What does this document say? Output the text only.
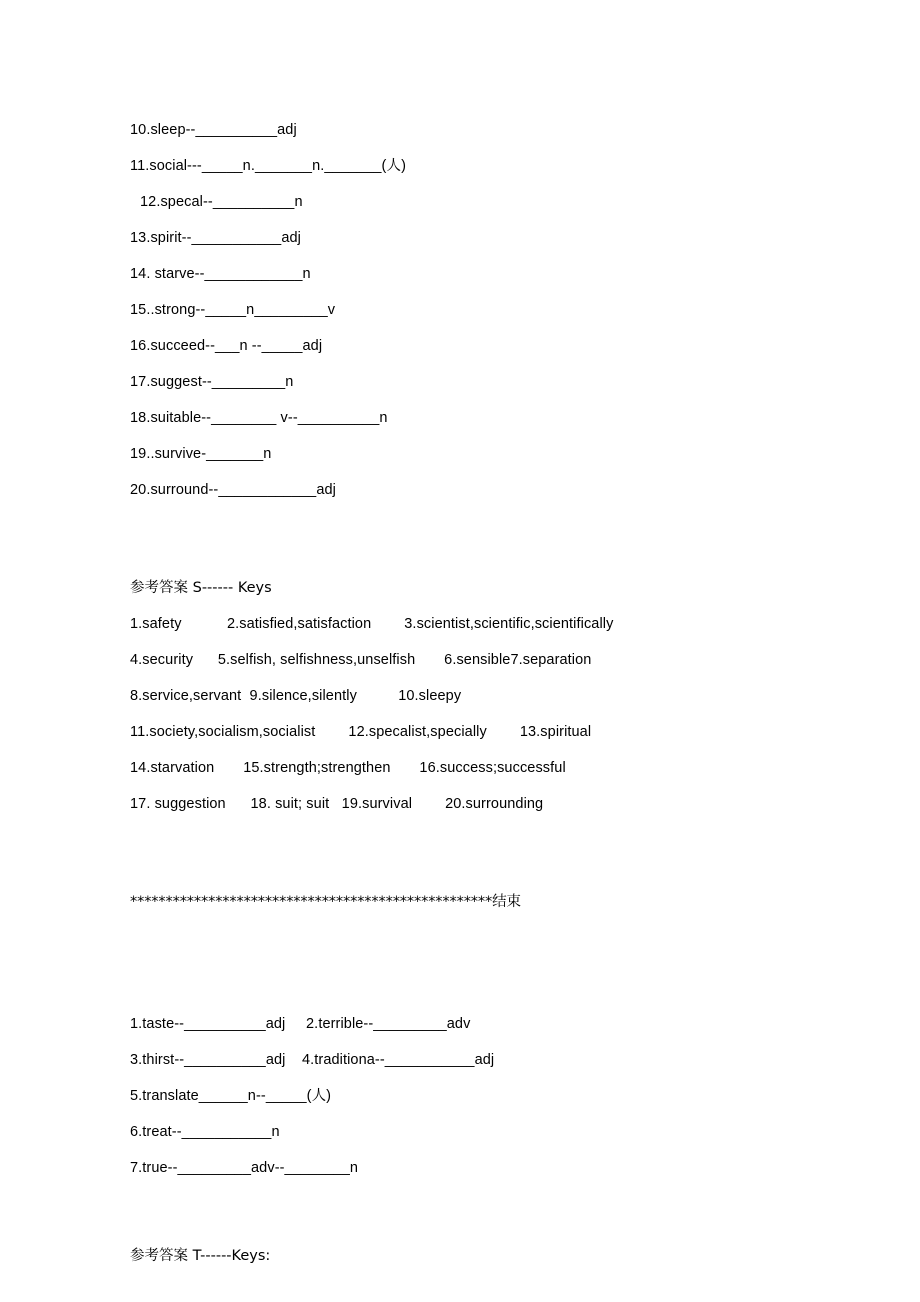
10.sleep--__________adj
11.social---_____n._______n._______(人)
12.specal--__________n
13.spirit--___________adj
14. starve--____________n
15..strong--_____n_________v
16.succeed--___n --_____adj
17.suggest--_________n
18.suitable--________ v--__________n
19..survive-_______n
20.surround--____________adj
参考答案 S------ Keys
1.safety           2.satisfied,satisfaction        3.scientist,scientific,scientifically
4.security      5.selfish, selfishness,unselfish       6.sensible7.separation
8.service,servant  9.silence,silently          10.sleepy
11.society,socialism,socialist        12.specalist,specially        13.spiritual
14.starvation       15.strength;strengthen       16.success;successful
17. suggestion      18. suit; suit   19.survival        20.surrounding
***************************************************结束
1.taste--__________adj     2.terrible--_________adv
3.thirst--__________adj    4.traditiona--___________adj
5.translate______n--_____(人)
6.treat--___________n
7.true--_________adv--________n
参考答案 T------Keys:
